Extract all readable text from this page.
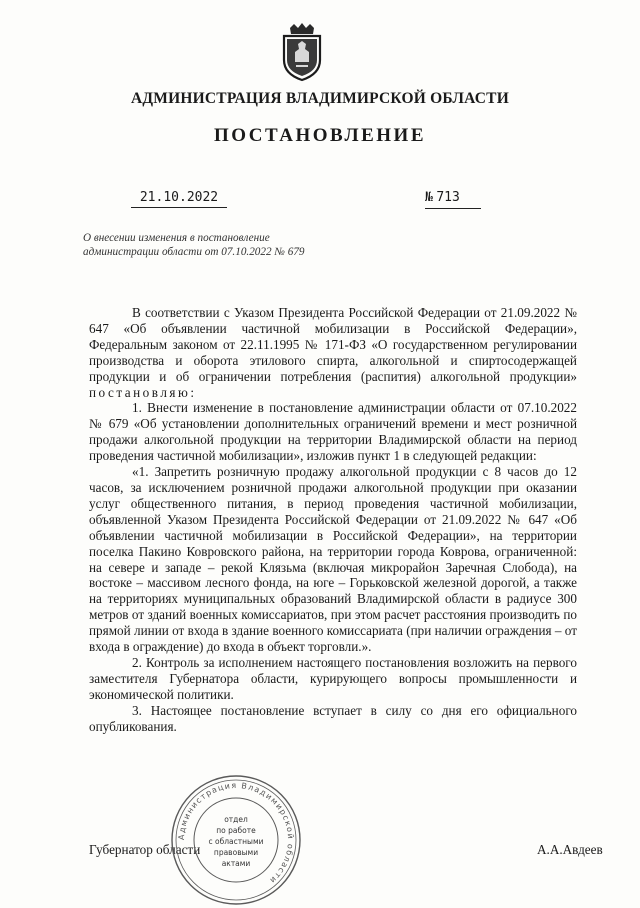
АДМИНИСТРАЦИЯ ВЛАДИМИРСКОЙ ОБЛАСТИ
ПОСТАНОВЛЕНИЕ
21.10.2022	№ 713
О внесении изменения в постановление администрации области от 07.10.2022 № 679

В соответствии с Указом Президента Российской Федерации от 21.09.2022 № 647 «Об объявлении частичной мобилизации в Российской Федерации», Федеральным законом от 22.11.1995 № 171-ФЗ «О государственном регулировании производства и оборота этилового спирта, алкогольной и спиртосодержащей продукции и об ограничении потребления (распития) алкогольной продукции» постановляю:

1. Внести изменение в постановление администрации области от 07.10.2022 № 679 «Об установлении дополнительных ограничений времени и мест розничной продажи алкогольной продукции на территории Владимирской области на период проведения частичной мобилизации», изложив пункт 1 в следующей редакции:

«1. Запретить розничную продажу алкогольной продукции с 8 часов до 12 часов, за исключением розничной продажи алкогольной продукции при оказании услуг общественного питания, в период проведения частичной мобилизации, объявленной Указом Президента Российской Федерации от 21.09.2022 № 647 «Об объявлении частичной мобилизации в Российской Федерации», на территории поселка Пакино Ковровского района, на территории города Коврова, ограниченной: на севере и западе – рекой Клязьма (включая микрорайон Заречная Слобода), на востоке – массивом лесного фонда, на юге – Горьковской железной дорогой, а также на территориях муниципальных образований Владимирской области в радиусе 300 метров от зданий военных комиссариатов, при этом расчет расстояния производить по прямой линии от входа в здание военного комиссариата (при наличии ограждения – от входа в ограждение) до входа в объект торговли.».

2. Контроль за исполнением настоящего постановления возложить на первого заместителя Губернатора области, курирующего вопросы промышленности и экономической политики.

3. Настоящее постановление вступает в силу со дня его официального опубликования.

Губернатор области	А.А.Авдеев
Администрация Владимирской области
отдел
по работе
с областными
правовыми
актами
